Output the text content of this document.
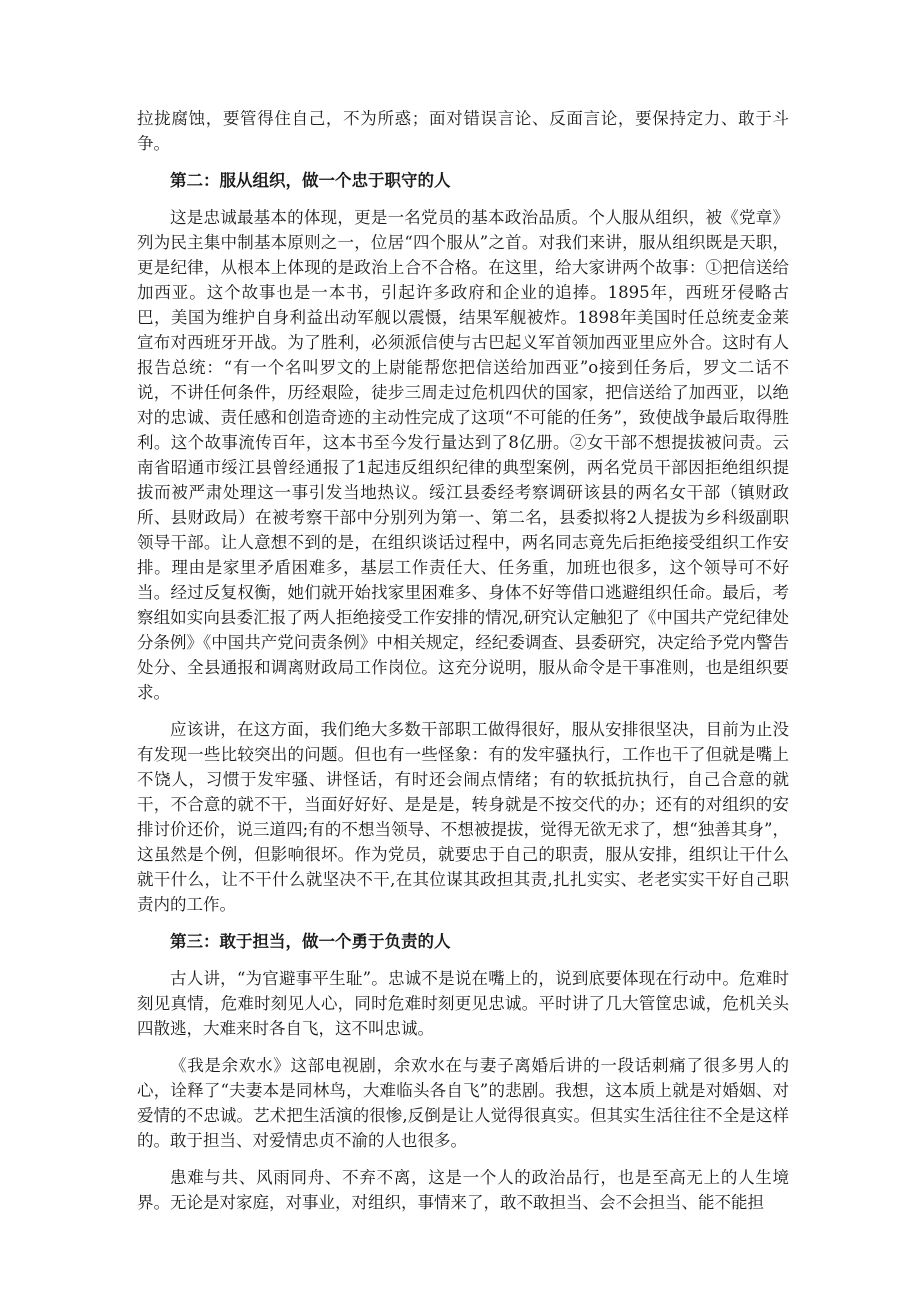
拉拢腐蚀，要管得住自己，不为所惑；面对错误言论、反面言论，要保持定力、敢于斗争。

第二：服从组织，做一个忠于职守的人

这是忠诚最基本的体现，更是一名党员的基本政治品质。个人服从组织，被《党章》列为民主集中制基本原则之一，位居“四个服从”之首。对我们来讲，服从组织既是天职，更是纪律，从根本上体现的是政治上合不合格。在这里，给大家讲两个故事：①把信送给加西亚。这个故事也是一本书，引起许多政府和企业的追捧。1895年，西班牙侵略古巴，美国为维护自身利益出动军舰以震慑，结果军舰被炸。1898年美国时任总统麦金莱宣布对西班牙开战。为了胜利，必须派信使与古巴起义军首领加西亚里应外合。这时有人报告总统：“有一个名叫罗文的上尉能帮您把信送给加西亚”o接到任务后，罗文二话不说，不讲任何条件，历经艰险，徒步三周走过危机四伏的国家，把信送给了加西亚，以绝对的忠诚、责任感和创造奇迹的主动性完成了这项“不可能的任务”，致使战争最后取得胜利。这个故事流传百年，这本书至今发行量达到了8亿册。②女干部不想提拔被问责。云南省昭通市绥江县曾经通报了1起违反组织纪律的典型案例，两名党员干部因拒绝组织提拔而被严肃处理这一事引发当地热议。绥江县委经考察调研该县的两名女干部（镇财政所、县财政局）在被考察干部中分别列为第一、第二名，县委拟将2人提拔为乡科级副职领导干部。让人意想不到的是，在组织谈话过程中，两名同志竟先后拒绝接受组织工作安排。理由是家里矛盾困难多，基层工作责任大、任务重，加班也很多，这个领导可不好当。经过反复权衡，她们就开始找家里困难多、身体不好等借口逃避组织任命。最后，考察组如实向县委汇报了两人拒绝接受工作安排的情况,研究认定触犯了《中国共产党纪律处分条例》《中国共产党问责条例》中相关规定，经纪委调查、县委研究，决定给予党内警告处分、全县通报和调离财政局工作岗位。这充分说明，服从命令是干事准则，也是组织要求。

应该讲，在这方面，我们绝大多数干部职工做得很好，服从安排很坚决，目前为止没有发现一些比较突出的问题。但也有一些怪象：有的发牢骚执行，工作也干了但就是嘴上不饶人，习惯于发牢骚、讲怪话，有时还会闹点情绪；有的软抵抗执行，自己合意的就干，不合意的就不干，当面好好好、是是是，转身就是不按交代的办；还有的对组织的安排讨价还价，说三道四;有的不想当领导、不想被提拔，觉得无欲无求了，想“独善其身”，这虽然是个例，但影响很坏。作为党员，就要忠于自己的职责，服从安排，组织让干什么就干什么，让不干什么就坚决不干,在其位谋其政担其责,扎扎实实、老老实实干好自己职责内的工作。

第三：敢于担当，做一个勇于负责的人

古人讲，“为官避事平生耻”。忠诚不是说在嘴上的，说到底要体现在行动中。危难时刻见真情，危难时刻见人心，同时危难时刻更见忠诚。平时讲了几大管筐忠诚，危机关头四散逃，大难来时各自飞，这不叫忠诚。

《我是余欢水》这部电视剧，余欢水在与妻子离婚后讲的一段话刺痛了很多男人的心，诠释了“夫妻本是同林鸟，大难临头各自飞”的悲剧。我想，这本质上就是对婚姻、对爱情的不忠诚。艺术把生活演的很惨,反倒是让人觉得很真实。但其实生活往往不全是这样的。敢于担当、对爱情忠贞不渝的人也很多。

患难与共、风雨同舟、不弃不离，这是一个人的政治品行，也是至高无上的人生境界。无论是对家庭，对事业，对组织，事情来了，敢不敢担当、会不会担当、能不能担
